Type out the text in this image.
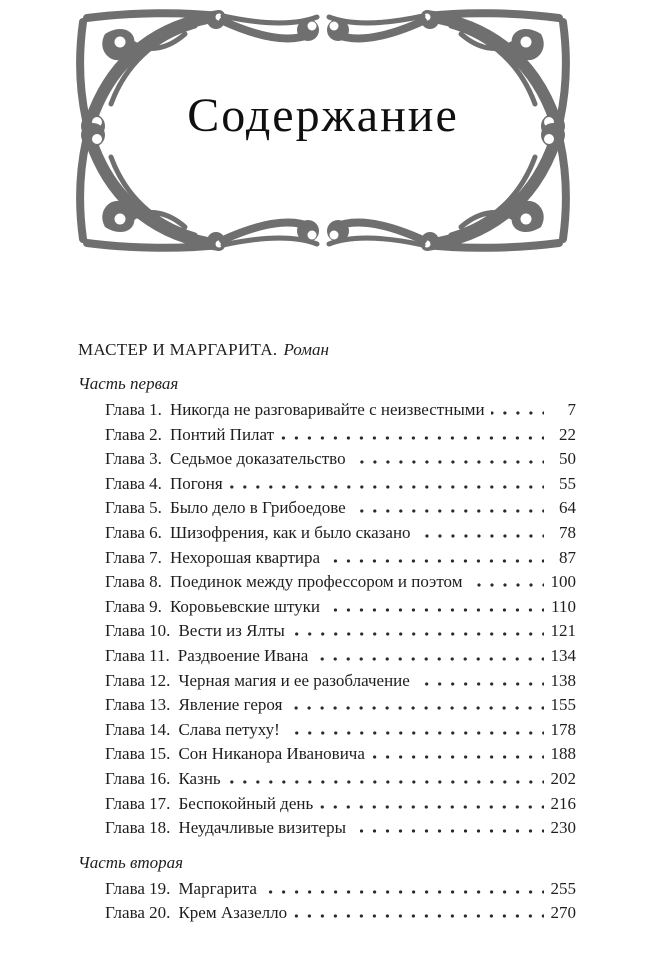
Содержание
МАСТЕР И МАРГАРИТА. Роман
Часть первая
Глава 1. Никогда не разговаривайте с неизвестными	7
Глава 2. Понтий Пилат	22
Глава 3. Седьмое доказательство	50
Глава 4. Погоня	55
Глава 5. Было дело в Грибоедове	64
Глава 6. Шизофрения, как и было сказано	78
Глава 7. Нехорошая квартира	87
Глава 8. Поединок между профессором и поэтом	100
Глава 9. Коровьевские штуки	110
Глава 10. Вести из Ялты	121
Глава 11. Раздвоение Ивана	134
Глава 12. Черная магия и ее разоблачение	138
Глава 13. Явление героя	155
Глава 14. Слава петуху!	178
Глава 15. Сон Никанора Ивановича	188
Глава 16. Казнь	202
Глава 17. Беспокойный день	216
Глава 18. Неудачливые визитеры	230
Часть вторая
Глава 19. Маргарита	255
Глава 20. Крем Азазелло	270
